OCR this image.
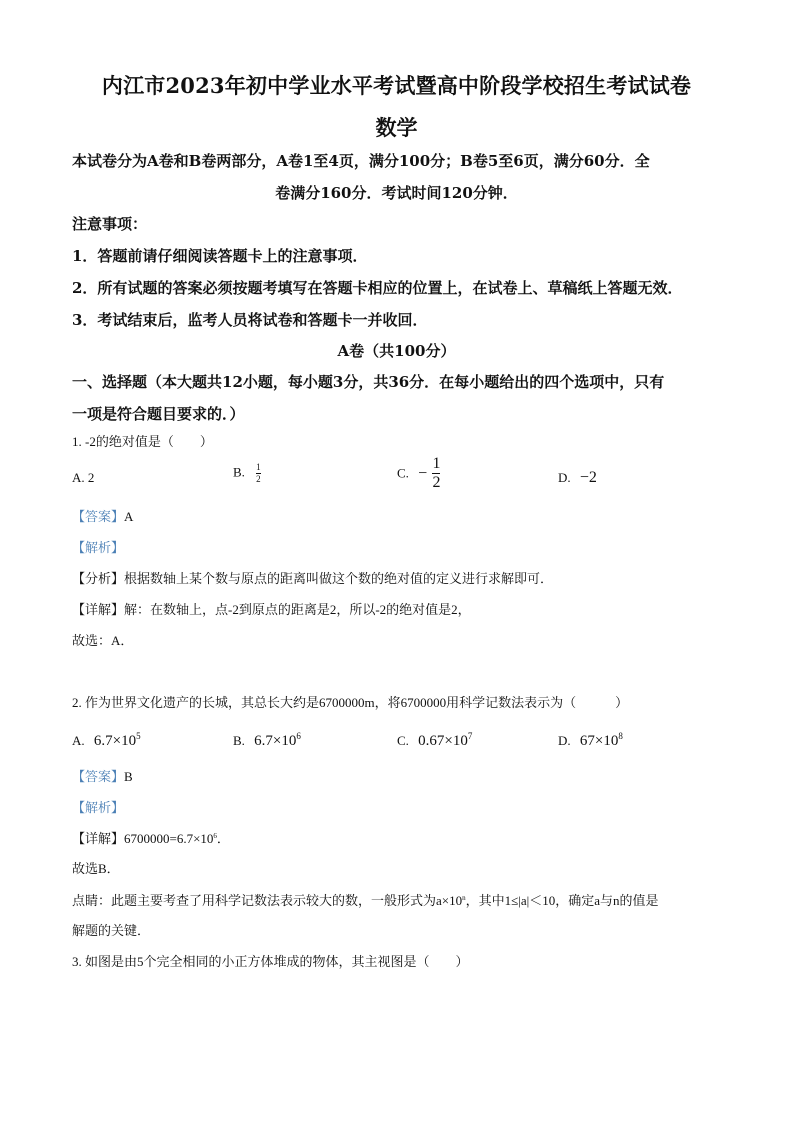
内江市2023年初中学业水平考试暨高中阶段学校招生考试试卷
数学
本试卷分为A卷和B卷两部分，A卷1至4页，满分100分；B卷5至6页，满分60分．全
卷满分160分．考试时间120分钟．
注意事项：
1．答题前请仔细阅读答题卡上的注意事项．
2．所有试题的答案必须按题考填写在答题卡相应的位置上，在试卷上、草稿纸上答题无效．
3．考试结束后，监考人员将试卷和答题卡一并收回．
A卷（共100分）
一、选择题（本大题共12小题，每小题3分，共36分．在每小题给出的四个选项中，只有
一项是符合题目要求的．）
1. -2的绝对值是（　　）
A. 2	B. $\frac{1}{2}$	C. − $\frac{1}{2}$	D. −2
【答案】A
【解析】
【分析】根据数轴上某个数与原点的距离叫做这个数的绝对值的定义进行求解即可．
【详解】解：在数轴上，点-2到原点的距离是2，所以-2的绝对值是2，
故选：A．
2. 作为世界文化遗产的长城，其总长大约是6700000m，将6700000用科学记数法表示为（　　　）
A. $6.7\times 10^5$	B. $6.7\times 10^6$	C. $0.67\times 10^7$	D. $67\times 10^8$
【答案】B
【解析】
【详解】$6700000=6.7\times 10^6$．
故选B．
点睛：此题主要考查了用科学记数法表示较大的数，一般形式为$a\times 10^n$，其中1≤|a|＜10，确定a与n的值是
解题的关键．
3. 如图是由5个完全相同的小正方体堆成的物体，其主视图是（　　）
